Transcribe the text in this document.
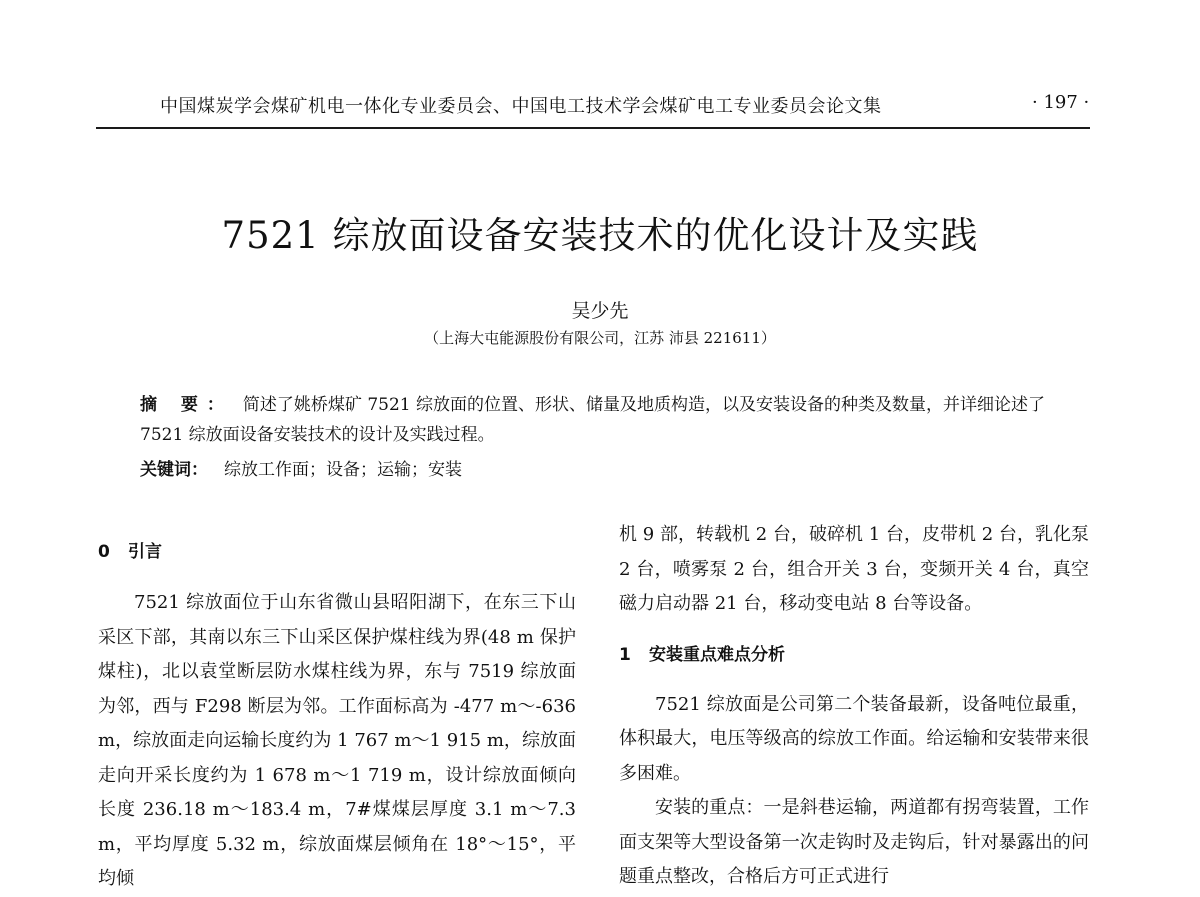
中国煤炭学会煤矿机电一体化专业委员会、中国电工技术学会煤矿电工专业委员会论文集	· 197 ·
7521 综放面设备安装技术的优化设计及实践
吴少先
（上海大屯能源股份有限公司，江苏 沛县 221611）
摘 要： 简述了姚桥煤矿 7521 综放面的位置、形状、储量及地质构造，以及安装设备的种类及数量，并详细论述了 7521 综放面设备安装技术的设计及实践过程。
关键词： 综放工作面；设备；运输；安装
0 引言

7521 综放面位于山东省微山县昭阳湖下，在东三下山采区下部，其南以东三下山采区保护煤柱线为界(48 m 保护煤柱)，北以袁堂断层防水煤柱线为界，东与 7519 综放面为邻，西与 F298 断层为邻。工作面标高为 -477 m～-636 m，综放面走向运输长度约为 1 767 m～1 915 m，综放面走向开采长度约为 1 678 m～1 719 m，设计综放面倾向长度 236.18 m～183.4 m，7#煤煤层厚度 3.1 m～7.3 m，平均厚度 5.32 m，综放面煤层倾角在 18°～15°，平均倾

机 9 部，转载机 2 台，破碎机 1 台，皮带机 2 台，乳化泵 2 台，喷雾泵 2 台，组合开关 3 台，变频开关 4 台，真空磁力启动器 21 台，移动变电站 8 台等设备。

1 安装重点难点分析

7521 综放面是公司第二个装备最新，设备吨位最重，体积最大，电压等级高的综放工作面。给运输和安装带来很多困难。

安装的重点：一是斜巷运输，两道都有拐弯装置，工作面支架等大型设备第一次走钩时及走钩后，针对暴露出的问题重点整改，合格后方可正式进行
